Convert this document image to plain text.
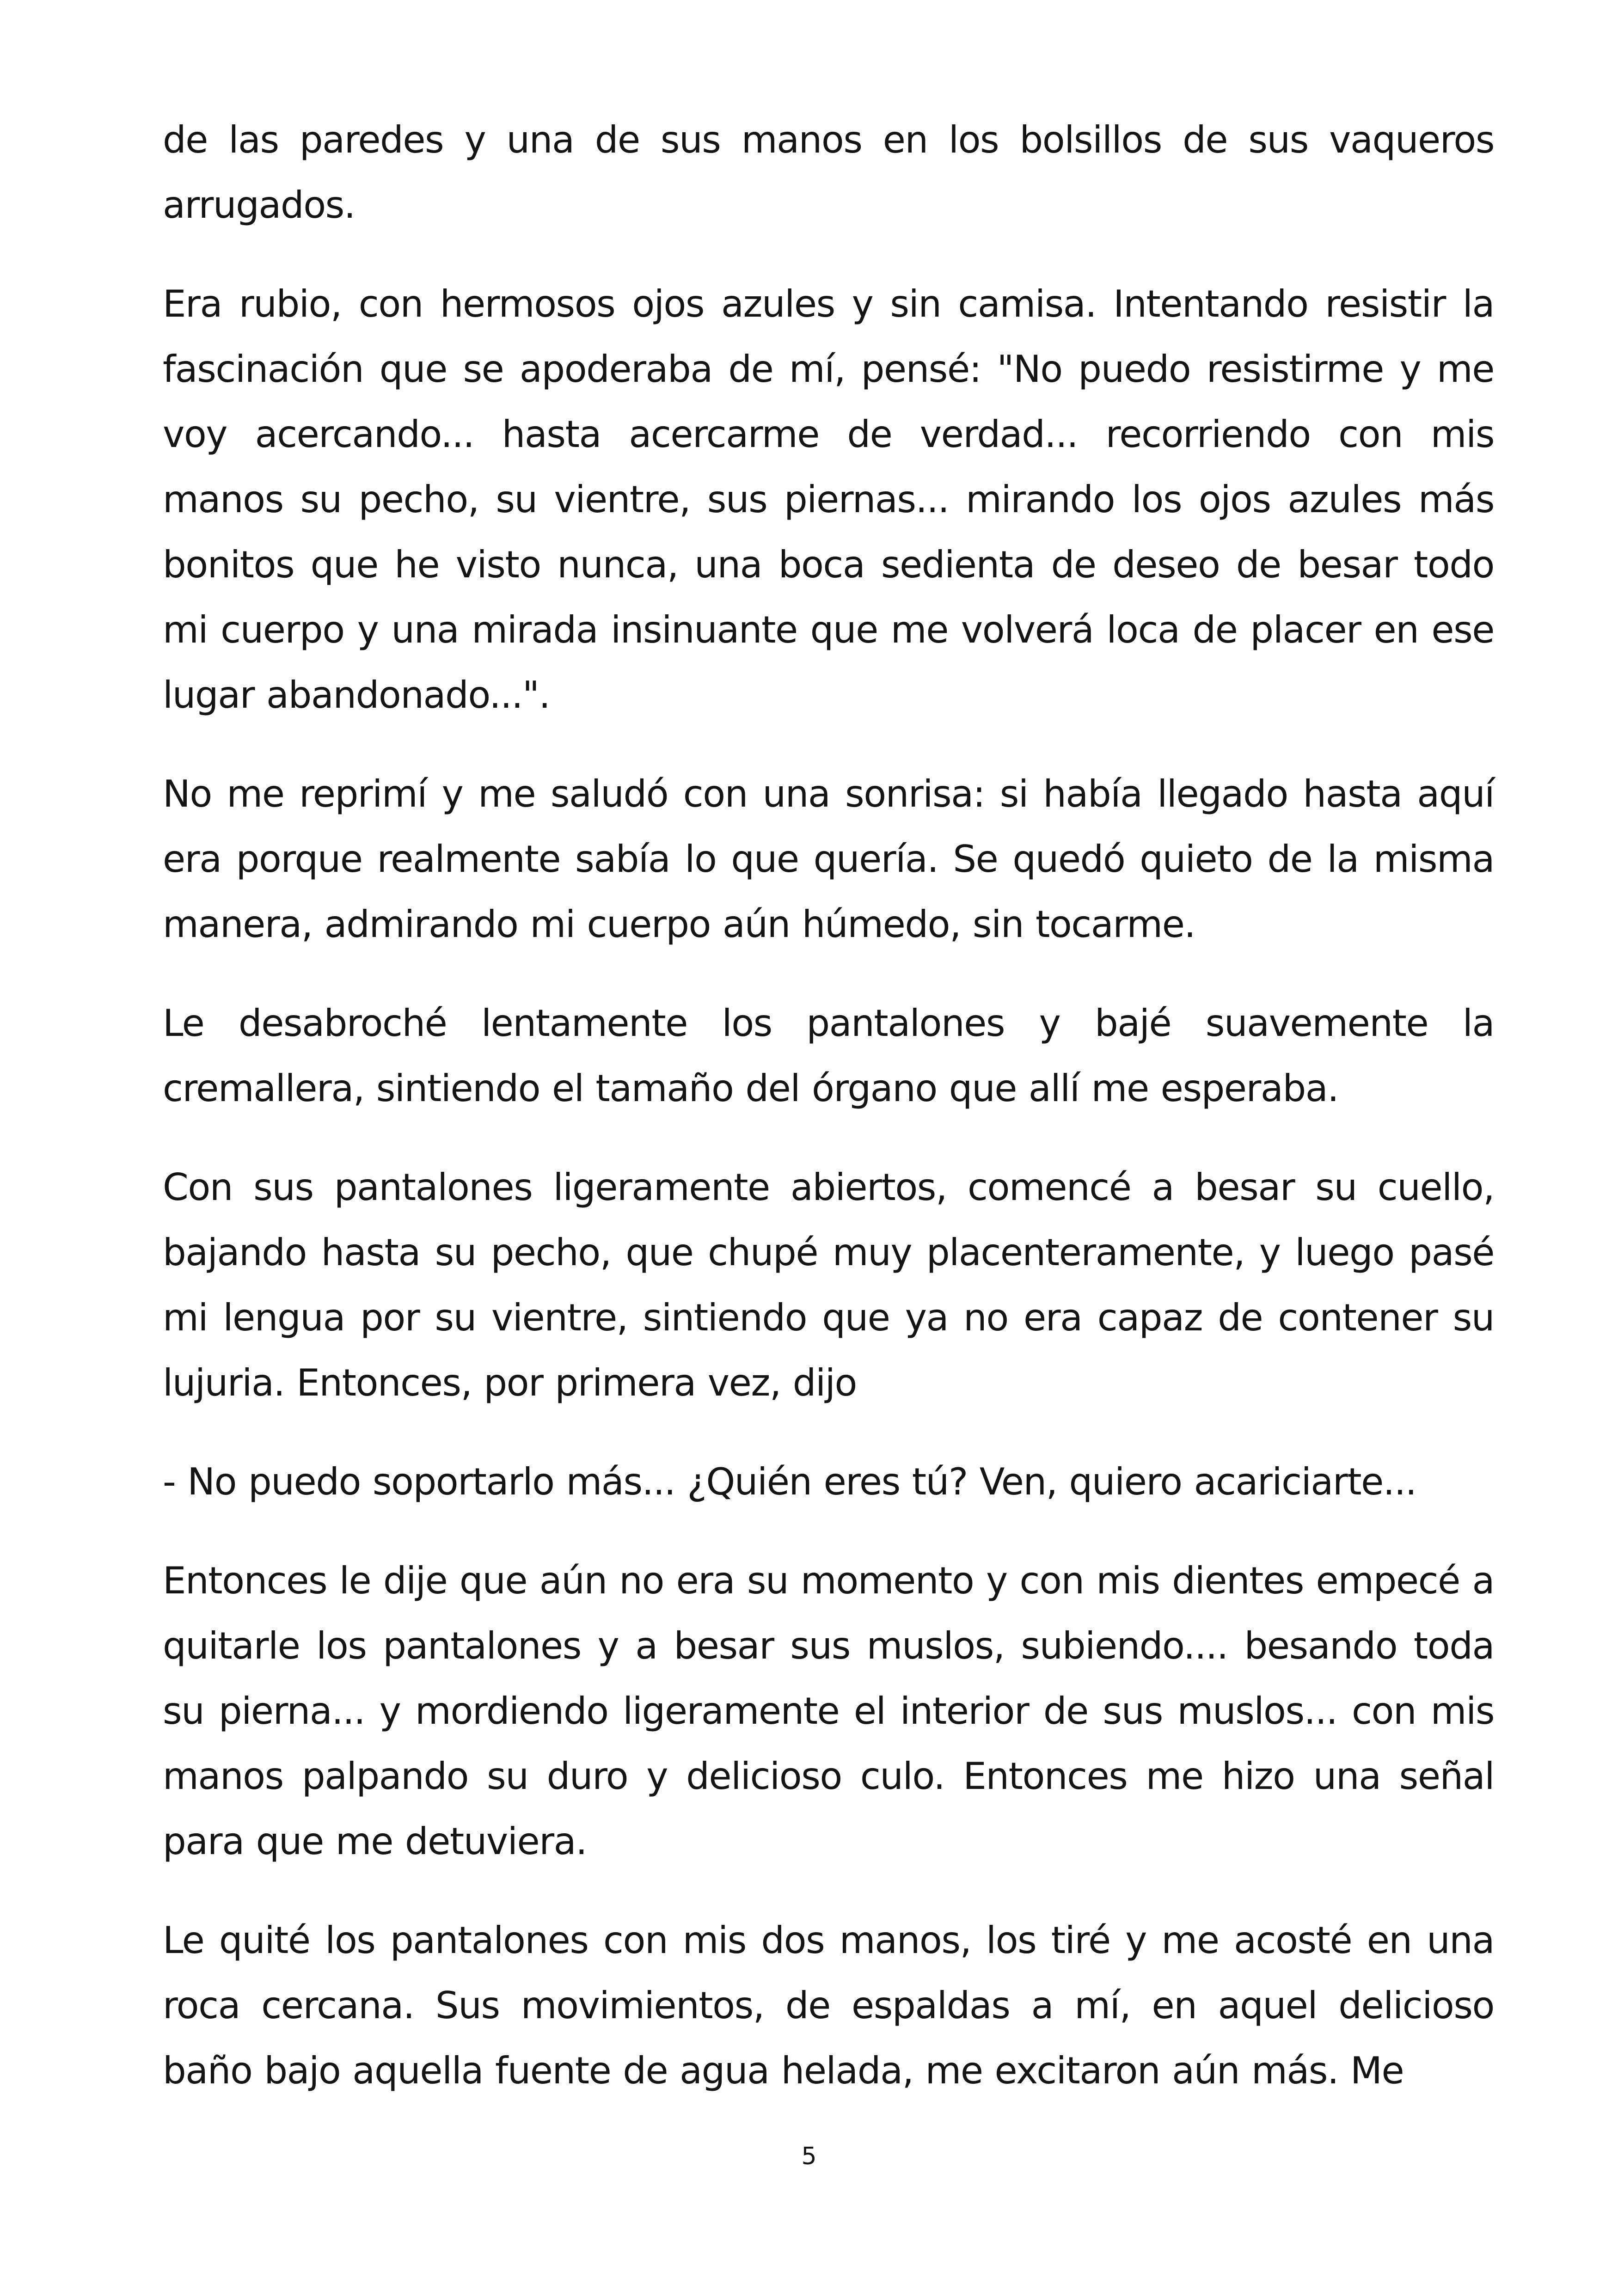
de las paredes y una de sus manos en los bolsillos de sus vaqueros arrugados.

Era rubio, con hermosos ojos azules y sin camisa. Intentando resistir la fascinación que se apoderaba de mí, pensé: "No puedo resistirme y me voy acercando... hasta acercarme de verdad... recorriendo con mis manos su pecho, su vientre, sus piernas... mirando los ojos azules más bonitos que he visto nunca, una boca sedienta de deseo de besar todo mi cuerpo y una mirada insinuante que me volverá loca de placer en ese lugar abandonado...".

No me reprimí y me saludó con una sonrisa: si había llegado hasta aquí era porque realmente sabía lo que quería. Se quedó quieto de la misma manera, admirando mi cuerpo aún húmedo, sin tocarme.

Le desabroché lentamente los pantalones y bajé suavemente la cremallera, sintiendo el tamaño del órgano que allí me esperaba.

Con sus pantalones ligeramente abiertos, comencé a besar su cuello, bajando hasta su pecho, que chupé muy placenteramente, y luego pasé mi lengua por su vientre, sintiendo que ya no era capaz de contener su lujuria. Entonces, por primera vez, dijo

- No puedo soportarlo más... ¿Quién eres tú? Ven, quiero acariciarte...

Entonces le dije que aún no era su momento y con mis dientes empecé a quitarle los pantalones y a besar sus muslos, subiendo.... besando toda su pierna... y mordiendo ligeramente el interior de sus muslos... con mis manos palpando su duro y delicioso culo. Entonces me hizo una señal para que me detuviera.

Le quité los pantalones con mis dos manos, los tiré y me acosté en una roca cercana. Sus movimientos, de espaldas a mí, en aquel delicioso baño bajo aquella fuente de agua helada, me excitaron aún más. Me

5
